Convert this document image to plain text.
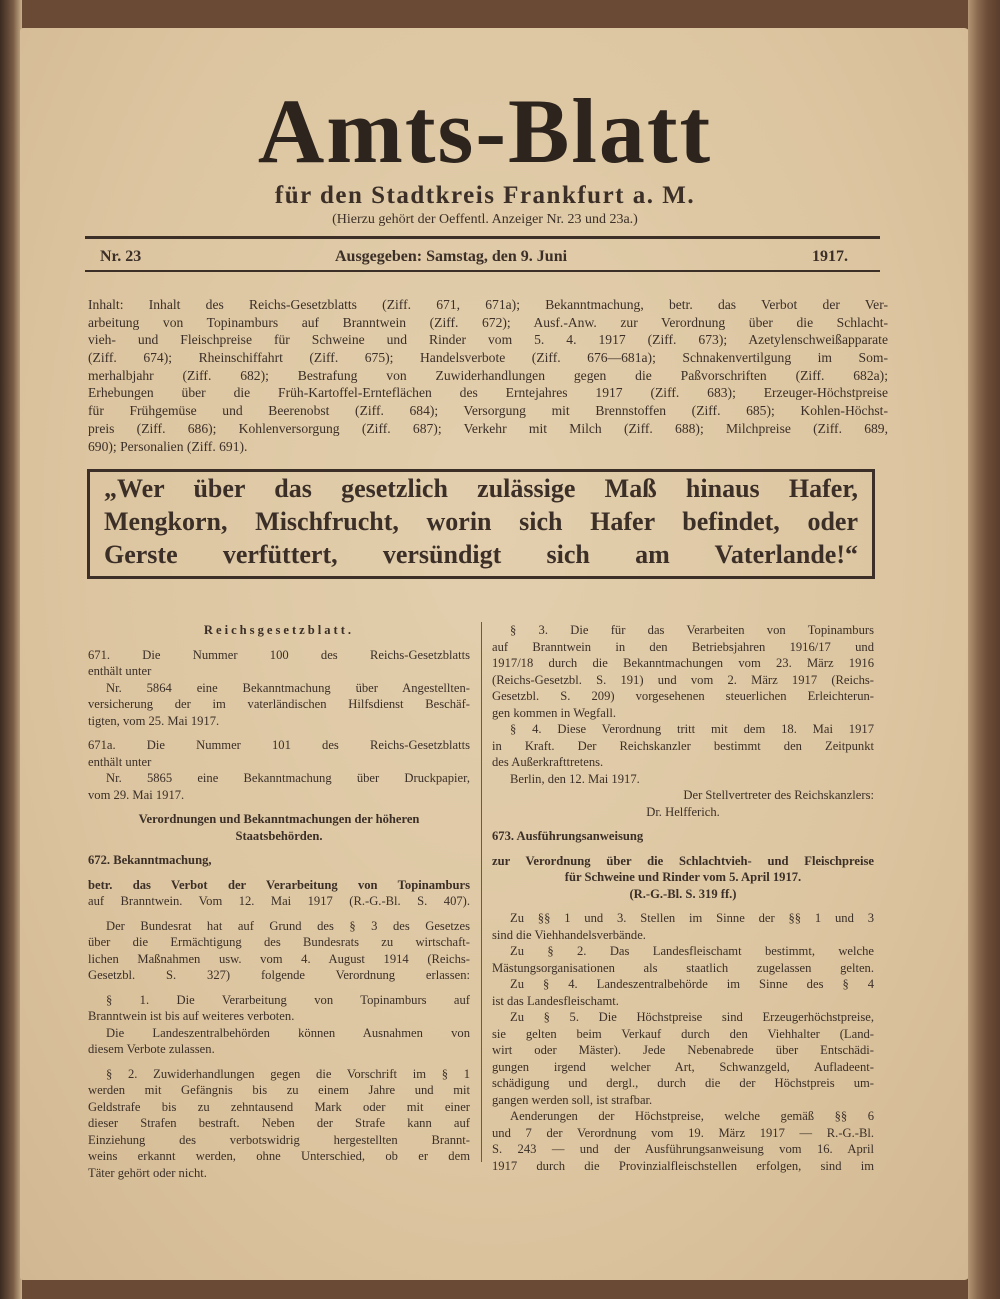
Amts-Blatt
für den Stadtkreis Frankfurt a. M.
(Hierzu gehört der Oeffentl. Anzeiger Nr. 23 und 23a.)
Nr. 23	Ausgegeben: Samstag, den 9. Juni	1917.
Inhalt: Inhalt des Reichs-Gesetzblatts (Ziff. 671, 671a); Bekanntmachung, betr. das Verbot der Ver-
arbeitung von Topinamburs auf Branntwein (Ziff. 672); Ausf.-Anw. zur Verordnung über die Schlacht-
vieh- und Fleischpreise für Schweine und Rinder vom 5. 4. 1917 (Ziff. 673); Azetylenschweißapparate
(Ziff. 674); Rheinschiffahrt (Ziff. 675); Handelsverbote (Ziff. 676—681a); Schnakenvertilgung im Som-
merhalbjahr (Ziff. 682); Bestrafung von Zuwiderhandlungen gegen die Paßvorschriften (Ziff. 682a);
Erhebungen über die Früh-Kartoffel-Ernteflächen des Erntejahres 1917 (Ziff. 683); Erzeuger-Höchstpreise
für Frühgemüse und Beerenobst (Ziff. 684); Versorgung mit Brennstoffen (Ziff. 685); Kohlen-Höchst-
preis (Ziff. 686); Kohlenversorgung (Ziff. 687); Verkehr mit Milch (Ziff. 688); Milchpreise (Ziff. 689,
690); Personalien (Ziff. 691).
„Wer über das gesetzlich zulässige Maß hinaus Hafer,
Mengkorn, Mischfrucht, worin sich Hafer befindet, oder
Gerste verfüttert, versündigt sich am Vaterlande!“
Reichsgesetzblatt.
671. Die Nummer 100 des Reichs-Gesetzblatts
enthält unter
Nr. 5864 eine Bekanntmachung über Angestellten-
versicherung der im vaterländischen Hilfsdienst Beschäf-
tigten, vom 25. Mai 1917.
671a. Die Nummer 101 des Reichs-Gesetzblatts
enthält unter
Nr. 5865 eine Bekanntmachung über Druckpapier,
vom 29. Mai 1917.
Verordnungen und Bekanntmachungen der höheren
Staatsbehörden.
672. Bekanntmachung,
betr. das Verbot der Verarbeitung von Topinamburs
auf Branntwein. Vom 12. Mai 1917 (R.-G.-Bl. S. 407).
Der Bundesrat hat auf Grund des § 3 des Gesetzes
über die Ermächtigung des Bundesrats zu wirtschaft-
lichen Maßnahmen usw. vom 4. August 1914 (Reichs-
Gesetzbl. S. 327) folgende Verordnung erlassen:
§ 1. Die Verarbeitung von Topinamburs auf
Branntwein ist bis auf weiteres verboten.
Die Landeszentralbehörden können Ausnahmen von
diesem Verbote zulassen.
§ 2. Zuwiderhandlungen gegen die Vorschrift im § 1
werden mit Gefängnis bis zu einem Jahre und mit
Geldstrafe bis zu zehntausend Mark oder mit einer
dieser Strafen bestraft. Neben der Strafe kann auf
Einziehung des verbotswidrig hergestellten Brannt-
weins erkannt werden, ohne Unterschied, ob er dem
Täter gehört oder nicht.
§ 3. Die für das Verarbeiten von Topinamburs
auf Branntwein in den Betriebsjahren 1916/17 und
1917/18 durch die Bekanntmachungen vom 23. März 1916
(Reichs-Gesetzbl. S. 191) und vom 2. März 1917 (Reichs-
Gesetzbl. S. 209) vorgesehenen steuerlichen Erleichterun-
gen kommen in Wegfall.
§ 4. Diese Verordnung tritt mit dem 18. Mai 1917
in Kraft. Der Reichskanzler bestimmt den Zeitpunkt
des Außerkrafttretens.
Berlin, den 12. Mai 1917.
Der Stellvertreter des Reichskanzlers:
Dr. Helfferich.
673. Ausführungsanweisung
zur Verordnung über die Schlachtvieh- und Fleischpreise
für Schweine und Rinder vom 5. April 1917.
(R.-G.-Bl. S. 319 ff.)
Zu §§ 1 und 3. Stellen im Sinne der §§ 1 und 3
sind die Viehhandelsverbände.
Zu § 2. Das Landesfleischamt bestimmt, welche
Mästungsorganisationen als staatlich zugelassen gelten.
Zu § 4. Landeszentralbehörde im Sinne des § 4
ist das Landesfleischamt.
Zu § 5. Die Höchstpreise sind Erzeugerhöchstpreise,
sie gelten beim Verkauf durch den Viehhalter (Land-
wirt oder Mäster). Jede Nebenabrede über Entschädi-
gungen irgend welcher Art, Schwanzgeld, Aufladeent-
schädigung und dergl., durch die der Höchstpreis um-
gangen werden soll, ist strafbar.
Aenderungen der Höchstpreise, welche gemäß §§ 6
und 7 der Verordnung vom 19. März 1917 — R.-G.-Bl.
S. 243 — und der Ausführungsanweisung vom 16. April
1917 durch die Provinzialfleischstellen erfolgen, sind im
